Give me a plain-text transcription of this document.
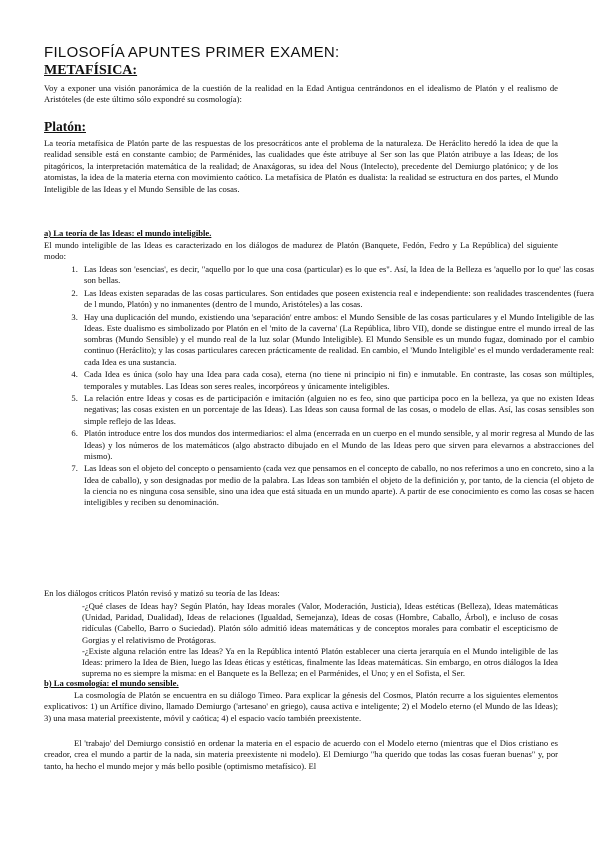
FILOSOFÍA APUNTES PRIMER EXAMEN:
METAFÍSICA:

Voy a exponer una visión panorámica de la cuestión de la realidad en la Edad Antigua centrándonos en el idealismo de Platón y el realismo de Aristóteles (de este último sólo expondré su cosmología):

Platón:

La teoría metafísica de Platón parte de las respuestas de los presocráticos ante el problema de la naturaleza. De Heráclito heredó la idea de que la realidad sensible está en constante cambio; de Parménides, las cualidades que éste atribuye al Ser son las que Platón atribuye a las Ideas; de los pitagóricos, la interpretación matemática de la realidad; de Anaxágoras, su idea del Nous (Intelecto), precedente del Demiurgo platónico; y de los atomistas, la idea de la materia eterna con movimiento caótico. La metafísica de Platón es dualista: la realidad se estructura en dos partes, el Mundo Inteligible de las Ideas y el Mundo Sensible de las cosas.

a) La teoría de las Ideas: el mundo inteligible.

El mundo inteligible de las Ideas es caracterizado en los diálogos de madurez de Platón (Banquete, Fedón, Fedro y La República) del siguiente modo:

1. Las Ideas son 'esencias', es decir, "aquello por lo que una cosa (particular) es lo que es". Así, la Idea de la Belleza es 'aquello por lo que' las cosas son bellas.
2. Las Ideas existen separadas de las cosas particulares. Son entidades que poseen existencia real e independiente: son realidades trascendentes (fuera de l mundo, Platón) y no inmanentes (dentro de l mundo, Aristóteles) a las cosas.
3. Hay una duplicación del mundo, existiendo una 'separación' entre ambos: el Mundo Sensible de las cosas particulares y el Mundo Inteligible de las Ideas. Este dualismo es simbolizado por Platón en el 'mito de la caverna' (La República, libro VII), donde se distingue entre el mundo irreal de las sombras (Mundo Sensible) y el mundo real de la luz solar (Mundo Inteligible). El Mundo Sensible es un mundo fugaz, dominado por el cambio continuo (Heráclito); y las cosas particulares carecen prácticamente de realidad. En cambio, el 'Mundo Inteligible' es el mundo verdaderamente real: cada Idea es una sustancia.
4. Cada Idea es única (solo hay una Idea para cada cosa), eterna (no tiene ni principio ni fin) e inmutable. En contraste, las cosas son múltiples, temporales y mutables. Las Ideas son seres reales, incorpóreos y únicamente inteligibles.
5. La relación entre Ideas y cosas es de participación e imitación (alguien no es feo, sino que participa poco en la belleza, ya que no existen Ideas negativas; las cosas existen en un porcentaje de las Ideas). Las Ideas son causa formal de las cosas, o modelo de ellas. Así, las cosas sensibles son simple reflejo de las Ideas.
6. Platón introduce entre los dos mundos dos intermediarios: el alma (encerrada en un cuerpo en el mundo sensible, y al morir regresa al Mundo de las Ideas) y los números de los matemáticos (algo abstracto dibujado en el Mundo de las Ideas pero que sirven para elevarnos a abstracciones del mismo).
7. Las Ideas son el objeto del concepto o pensamiento (cada vez que pensamos en el concepto de caballo, no nos referimos a uno en concreto, sino a la Idea de caballo), y son designadas por medio de la palabra. Las Ideas son también el objeto de la definición y, por tanto, de la ciencia (el objeto de la ciencia no es ninguna cosa sensible, sino una idea que está situada en un mundo aparte). A partir de ese conocimiento es como las cosas se hacen inteligibles y reciben su denominación.

En los diálogos críticos Platón revisó y matizó su teoría de las Ideas:

-¿Qué clases de Ideas hay? Según Platón, hay Ideas morales (Valor, Moderación, Justicia), Ideas estéticas (Belleza), Ideas matemáticas (Unidad, Paridad, Dualidad), Ideas de relaciones (Igualdad, Semejanza), Ideas de cosas (Hombre, Caballo, Árbol), e incluso de cosas ridículas (Cabello, Barro o Suciedad). Platón sólo admitió ideas matemáticas y de conceptos morales para combatir el escepticismo de Gorgias y el relativismo de Protágoras.

-¿Existe alguna relación entre las Ideas? Ya en la República intentó Platón establecer una cierta jerarquía en el Mundo inteligible de las Ideas: primero la Idea de Bien, luego las Ideas éticas y estéticas, finalmente las Ideas matemáticas. Sin embargo, en otros diálogos la Idea suprema no es siempre la misma: en el Banquete es la Belleza; en el Parménides, el Uno; y en el Sofista, el Ser.

b) La cosmología: el mundo sensible.

La cosmología de Platón se encuentra en su diálogo Timeo. Para explicar la génesis del Cosmos, Platón recurre a los siguientes elementos explicativos: 1) un Artífice divino, llamado Demiurgo ('artesano' en griego), causa activa e inteligente; 2) el Modelo eterno (el Mundo de las Ideas); 3) una masa material preexistente, móvil y caótica; 4) el espacio vacío también preexistente.

El 'trabajo' del Demiurgo consistió en ordenar la materia en el espacio de acuerdo con el Modelo eterno (mientras que el Dios cristiano es creador, crea el mundo a partir de la nada, sin materia preexistente ni modelo). El Demiurgo "ha querido que todas las cosas fueran buenas" y, por tanto, ha hecho el mundo mejor y más bello posible (optimismo metafísico). El
